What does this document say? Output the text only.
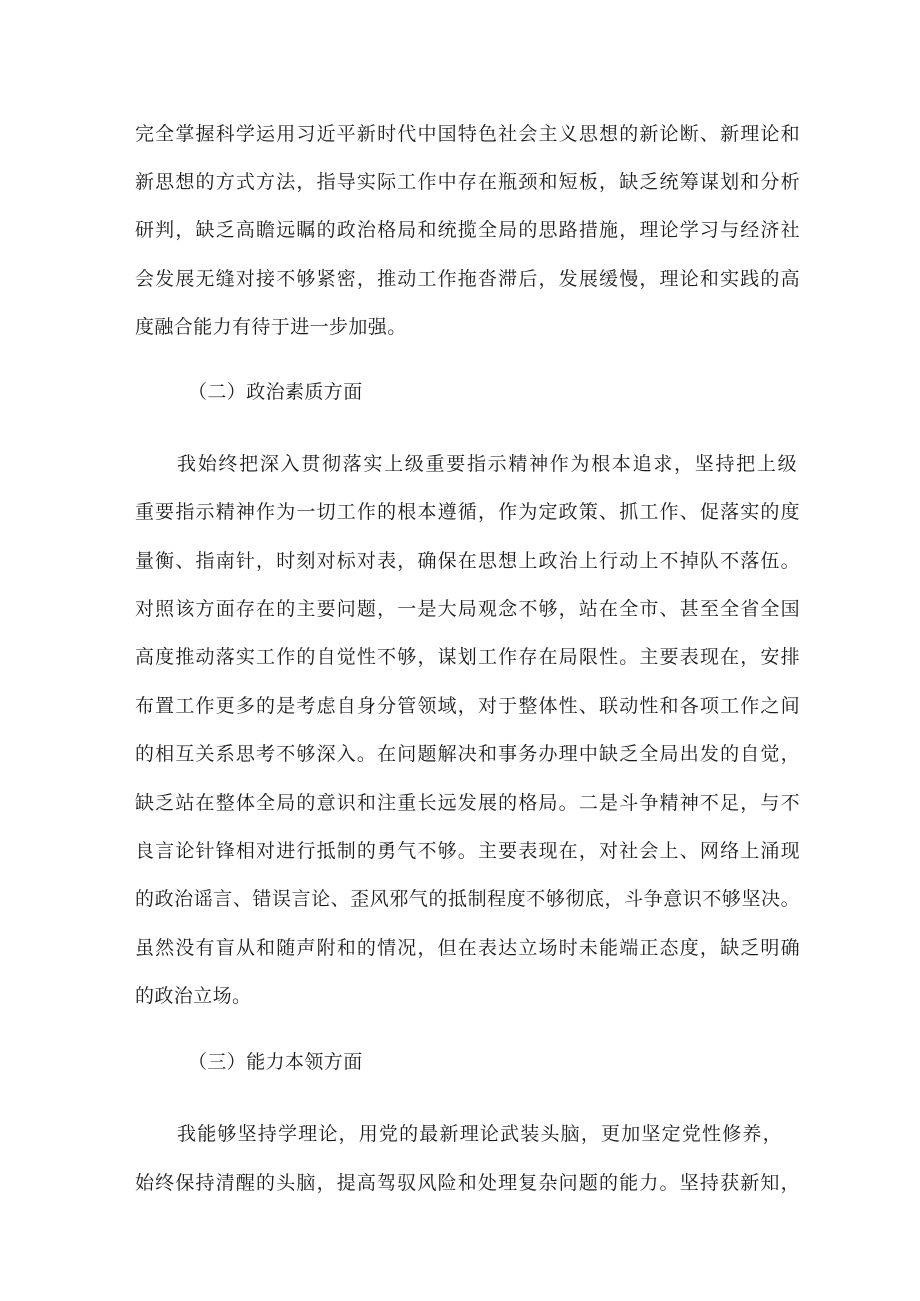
完全掌握科学运用习近平新时代中国特色社会主义思想的新论断、新理论和
新思想的方式方法，指导实际工作中存在瓶颈和短板，缺乏统筹谋划和分析
研判，缺乏高瞻远瞩的政治格局和统揽全局的思路措施，理论学习与经济社
会发展无缝对接不够紧密，推动工作拖沓滞后，发展缓慢，理论和实践的高
度融合能力有待于进一步加强。
（二）政治素质方面
我始终把深入贯彻落实上级重要指示精神作为根本追求，坚持把上级
重要指示精神作为一切工作的根本遵循，作为定政策、抓工作、促落实的度
量衡、指南针，时刻对标对表，确保在思想上政治上行动上不掉队不落伍。
对照该方面存在的主要问题，一是大局观念不够，站在全市、甚至全省全国
高度推动落实工作的自觉性不够，谋划工作存在局限性。主要表现在，安排
布置工作更多的是考虑自身分管领域，对于整体性、联动性和各项工作之间
的相互关系思考不够深入。在问题解决和事务办理中缺乏全局出发的自觉，
缺乏站在整体全局的意识和注重长远发展的格局。二是斗争精神不足，与不
良言论针锋相对进行抵制的勇气不够。主要表现在，对社会上、网络上涌现
的政治谣言、错误言论、歪风邪气的抵制程度不够彻底，斗争意识不够坚决。
虽然没有盲从和随声附和的情况，但在表达立场时未能端正态度，缺乏明确
的政治立场。
（三）能力本领方面
我能够坚持学理论，用党的最新理论武装头脑，更加坚定党性修养，
始终保持清醒的头脑，提高驾驭风险和处理复杂问题的能力。坚持获新知，
